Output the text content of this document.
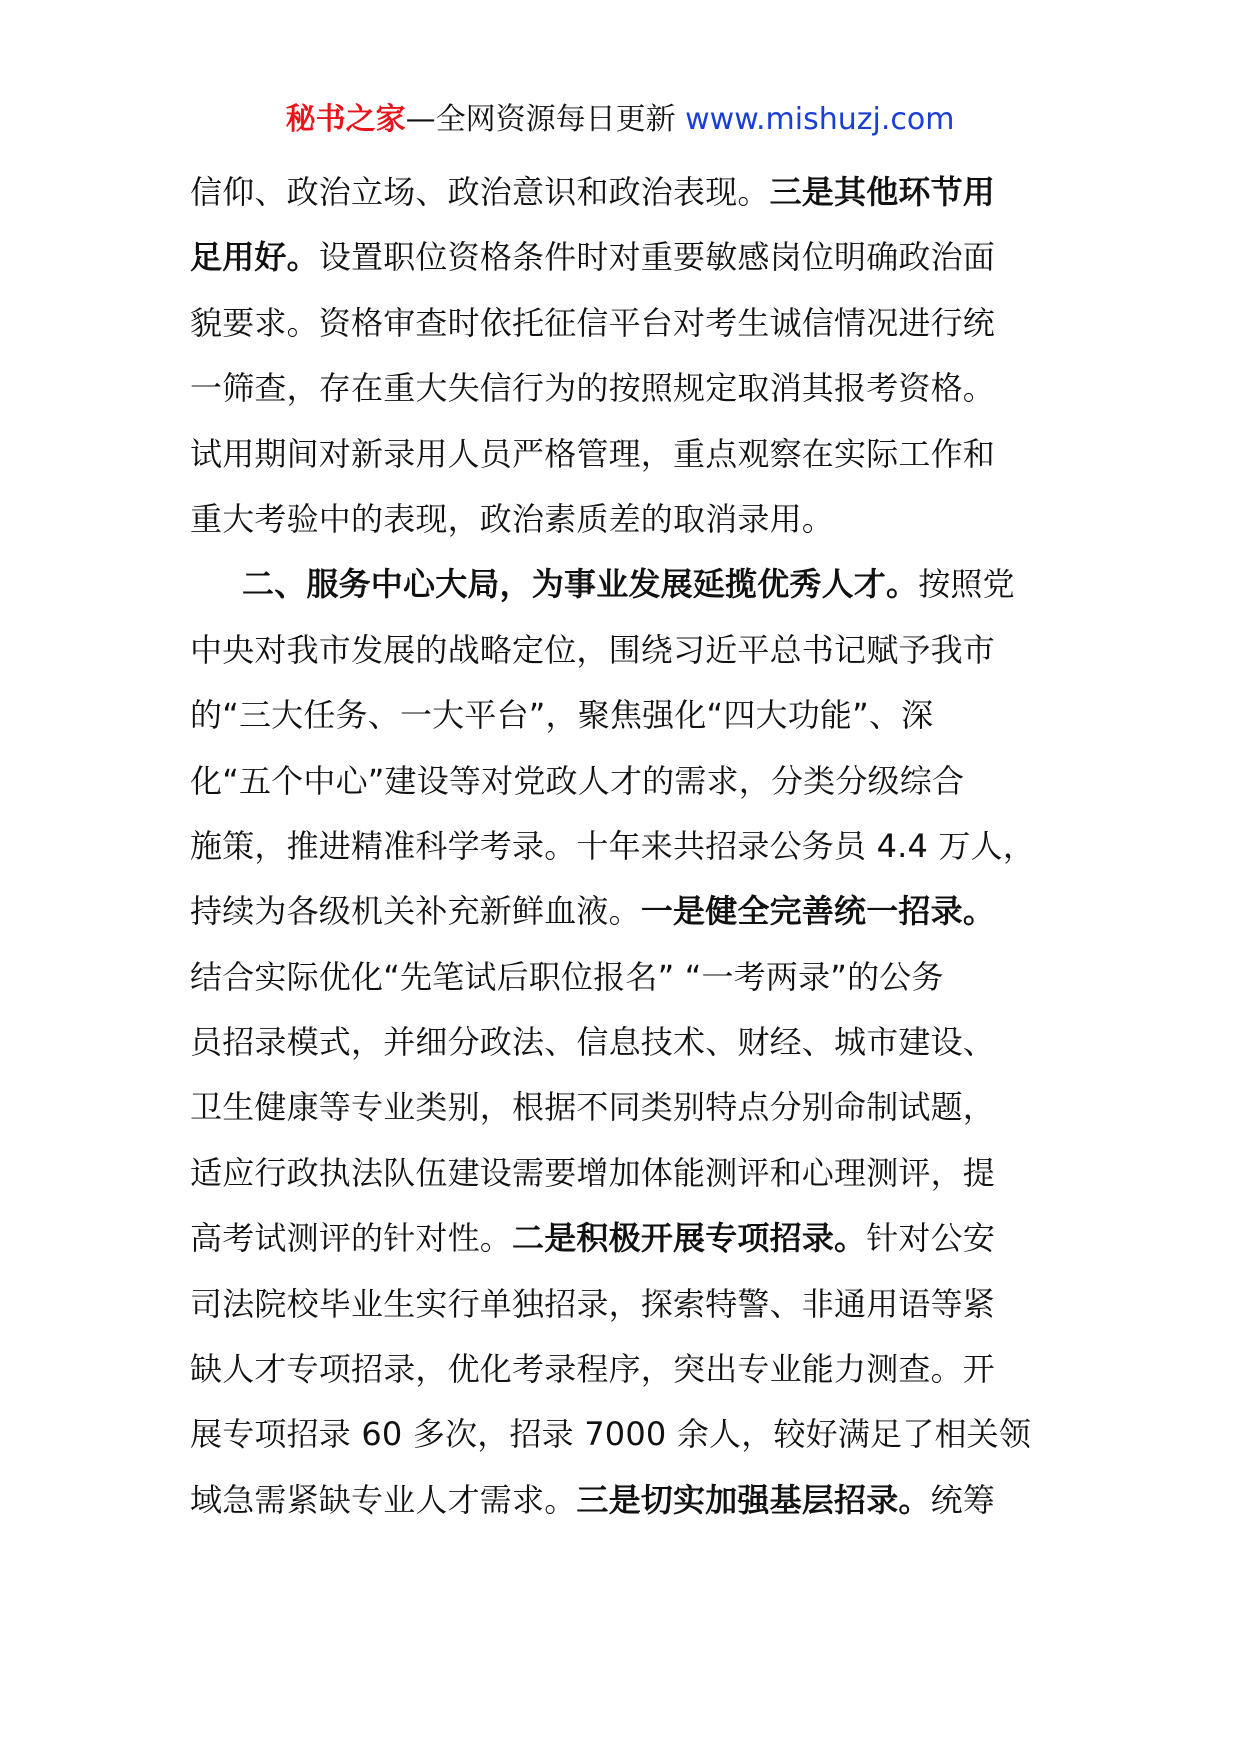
秘书之家—全网资源每日更新 www.mishuzj.com
信仰、政治立场、政治意识和政治表现。三是其他环节用
足用好。设置职位资格条件时对重要敏感岗位明确政治面
貌要求。资格审查时依托征信平台对考生诚信情况进行统
一筛查，存在重大失信行为的按照规定取消其报考资格。
试用期间对新录用人员严格管理，重点观察在实际工作和
重大考验中的表现，政治素质差的取消录用。
二、服务中心大局，为事业发展延揽优秀人才。按照党
中央对我市发展的战略定位，围绕习近平总书记赋予我市
的“三大任务、一大平台”，聚焦强化“四大功能”、深
化“五个中心”建设等对党政人才的需求，分类分级综合
施策，推进精准科学考录。十年来共招录公务员 4.4 万人，
持续为各级机关补充新鲜血液。一是健全完善统一招录。
结合实际优化“先笔试后职位报名” “一考两录”的公务
员招录模式，并细分政法、信息技术、财经、城市建设、
卫生健康等专业类别，根据不同类别特点分别命制试题，
适应行政执法队伍建设需要增加体能测评和心理测评，提
高考试测评的针对性。二是积极开展专项招录。针对公安
司法院校毕业生实行单独招录，探索特警、非通用语等紧
缺人才专项招录，优化考录程序，突出专业能力测查。开
展专项招录 60 多次，招录 7000 余人，较好满足了相关领
域急需紧缺专业人才需求。三是切实加强基层招录。统筹
